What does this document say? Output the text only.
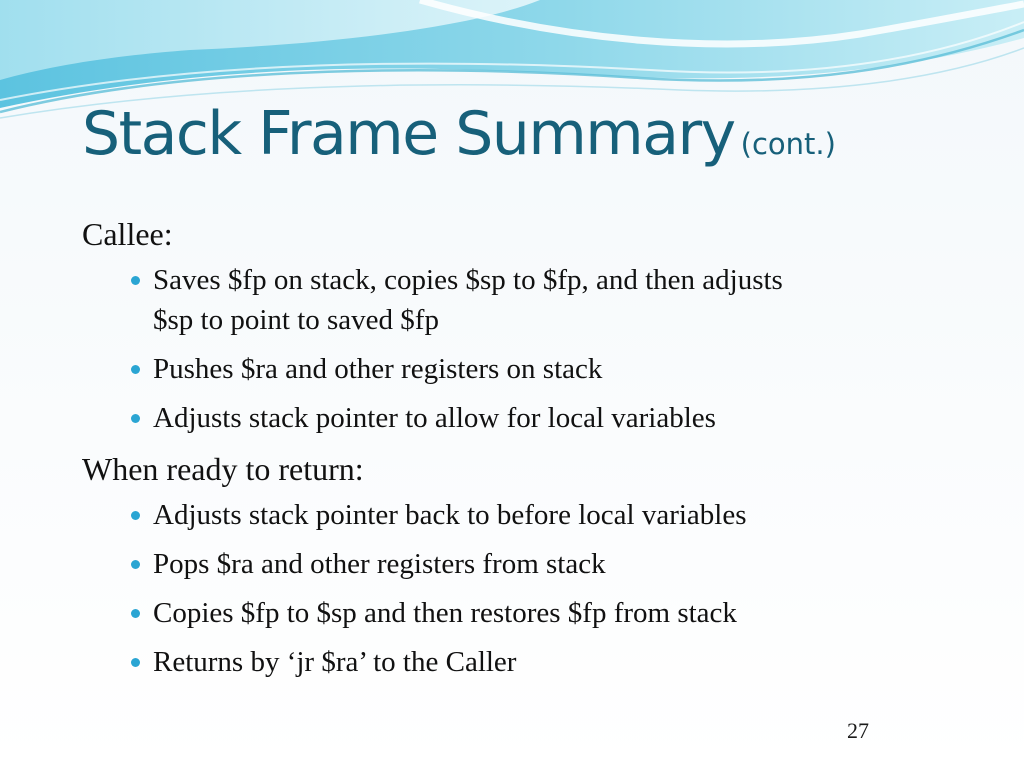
Stack Frame Summary (cont.)
Callee:
Saves $fp on stack, copies $sp to $fp, and then adjusts
$sp to point to saved $fp
Pushes $ra and other registers on stack
Adjusts stack pointer to allow for local variables
When ready to return:
Adjusts stack pointer back to before local variables
Pops $ra and other registers from stack
Copies $fp to $sp and then restores $fp from stack
Returns by ‘jr $ra’ to the Caller
27
